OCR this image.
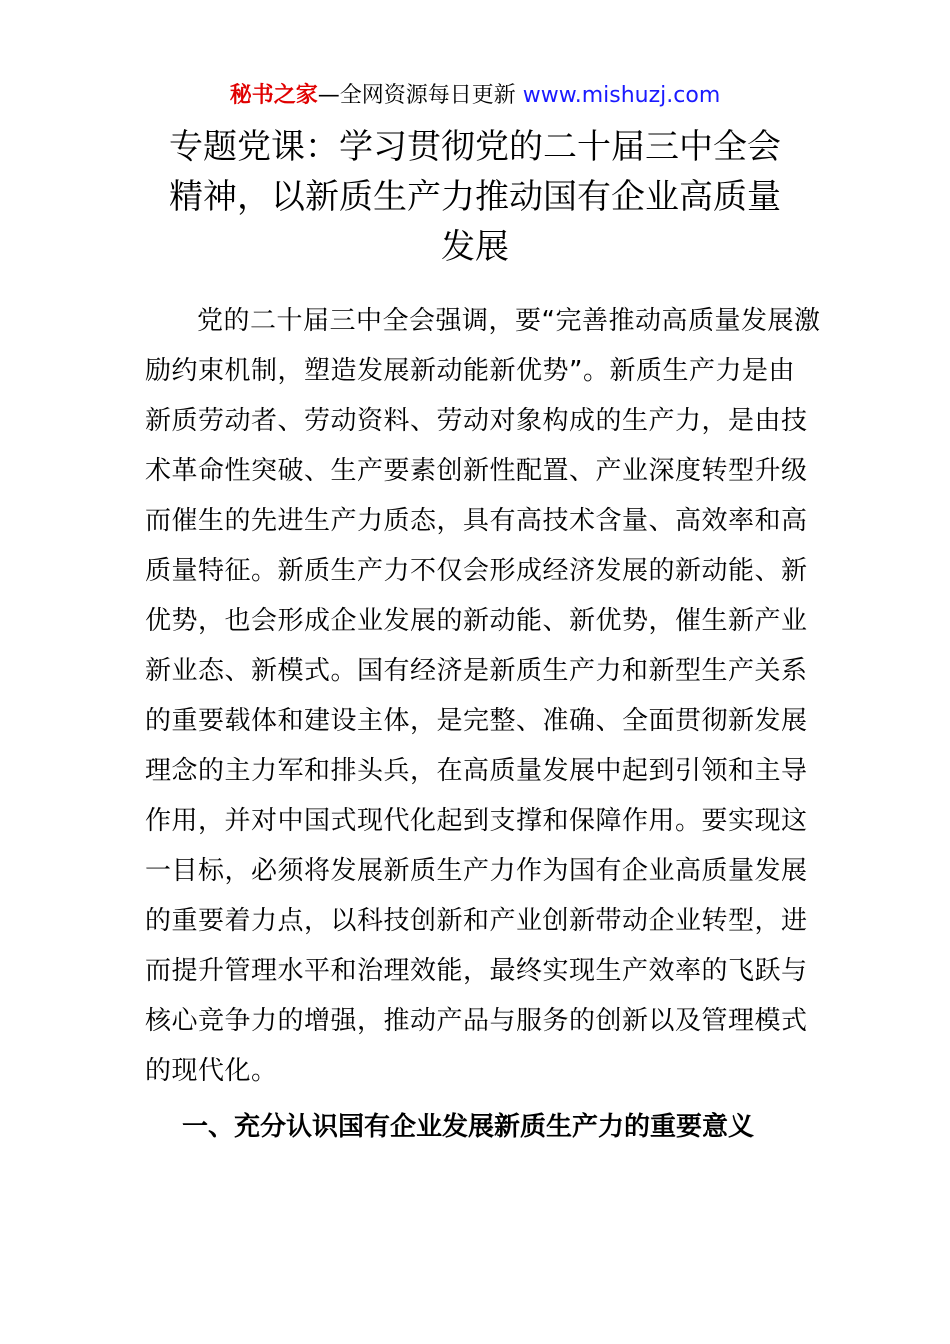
秘书之家—全网资源每日更新 www.mishuzj.com
专题党课：学习贯彻党的二十届三中全会
精神，以新质生产力推动国有企业高质量
发展
党的二十届三中全会强调，要“完善推动高质量发展激
励约束机制，塑造发展新动能新优势”。新质生产力是由
新质劳动者、劳动资料、劳动对象构成的生产力，是由技
术革命性突破、生产要素创新性配置、产业深度转型升级
而催生的先进生产力质态，具有高技术含量、高效率和高
质量特征。新质生产力不仅会形成经济发展的新动能、新
优势，也会形成企业发展的新动能、新优势，催生新产业
新业态、新模式。国有经济是新质生产力和新型生产关系
的重要载体和建设主体，是完整、准确、全面贯彻新发展
理念的主力军和排头兵，在高质量发展中起到引领和主导
作用，并对中国式现代化起到支撑和保障作用。要实现这
一目标，必须将发展新质生产力作为国有企业高质量发展
的重要着力点，以科技创新和产业创新带动企业转型，进
而提升管理水平和治理效能，最终实现生产效率的飞跃与
核心竞争力的增强，推动产品与服务的创新以及管理模式
的现代化。
一、充分认识国有企业发展新质生产力的重要意义
